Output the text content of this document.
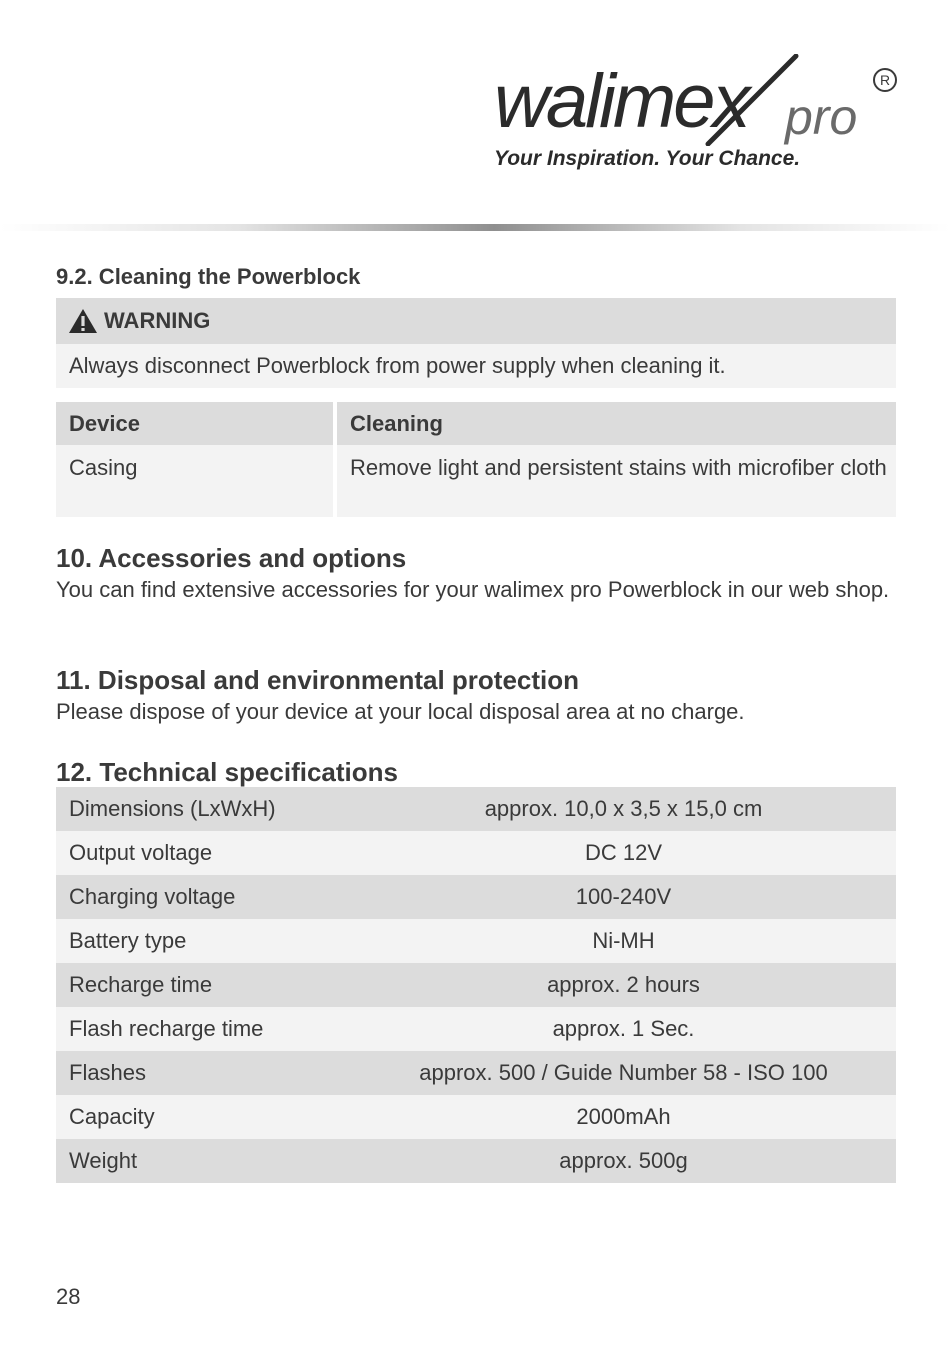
walimex pro
R
Your Inspiration. Your Chance.
9.2. Cleaning the Powerblock
WARNING
Always disconnect Powerblock from power supply when cleaning it.
Device	Cleaning
Casing	Remove light and persistent stains with microfiber cloth
10. Accessories and options
You can find extensive accessories for your walimex pro Powerblock in our web shop.
11. Disposal and environmental protection
Please dispose of your device at your local disposal area at no charge.
12. Technical specifications
Dimensions (LxWxH)	approx. 10,0 x 3,5 x 15,0 cm
Output voltage	DC 12V
Charging voltage	100-240V
Battery type	Ni-MH
Recharge time	approx. 2 hours
Flash recharge time	approx. 1 Sec.
Flashes	approx. 500 / Guide Number 58 - ISO 100
Capacity	2000mAh
Weight	approx. 500g
28
